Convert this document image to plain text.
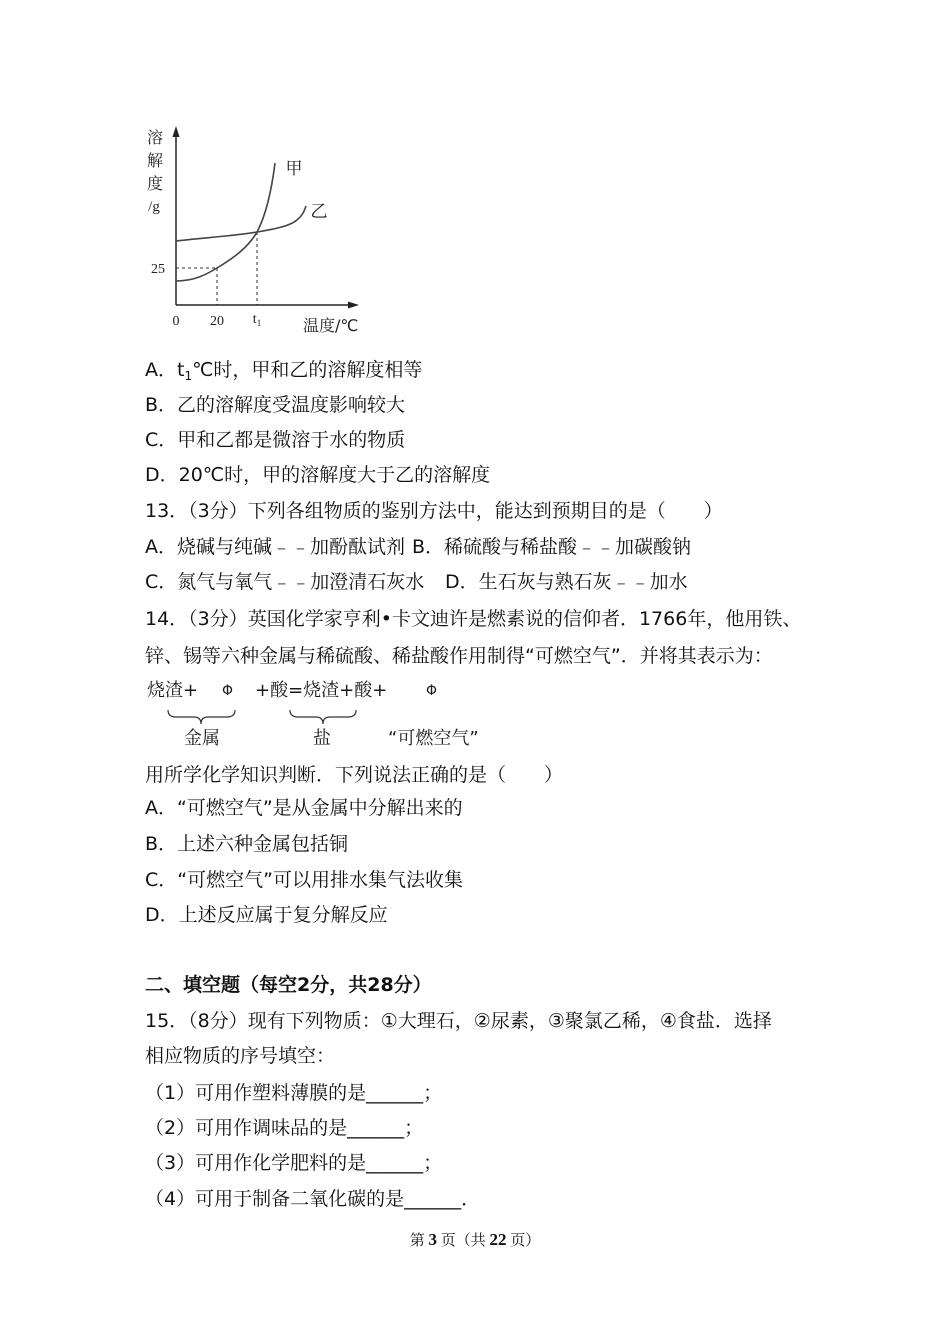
溶
解
度
/g
25
0 20 $t_1$	温度/℃
甲
乙
A．$t_1℃$时，甲和乙的溶解度相等
B．乙的溶解度受温度影响较大
C．甲和乙都是微溶于水的物质
D．20℃时，甲的溶解度大于乙的溶解度
13．（3分）下列各组物质的鉴别方法中，能达到预期目的是（　　）
A．烧碱与纯碱﹣﹣加酚酞试剂 B．稀硫酸与稀盐酸﹣﹣加碳酸钠
C．氮气与氧气﹣﹣加澄清石灰水 D．生石灰与熟石灰﹣﹣加水
14．（3分）英国化学家亨利•卡文迪许是燃素说的信仰者．1766年，他用铁、
锌、锡等六种金属与稀硫酸、稀盐酸作用制得“可燃空气”．并将其表示为：
烧渣+ Φ +酸=烧渣+酸+	Φ
金属	盐	“可燃空气”
用所学化学知识判断．下列说法正确的是（　　）
A．“可燃空气”是从金属中分解出来的
B．上述六种金属包括铜
C．“可燃空气”可以用排水集气法收集
D．上述反应属于复分解反应
二、填空题（每空2分，共28分）
15．（8分）现有下列物质：①大理石，②尿素，③聚氯乙稀，④食盐．选择
相应物质的序号填空：
（1）可用作塑料薄膜的是______；
（2）可用作调味品的是______；
（3）可用作化学肥料的是______；
（4）可用于制备二氧化碳的是______．
第 3 页（共 22 页）
